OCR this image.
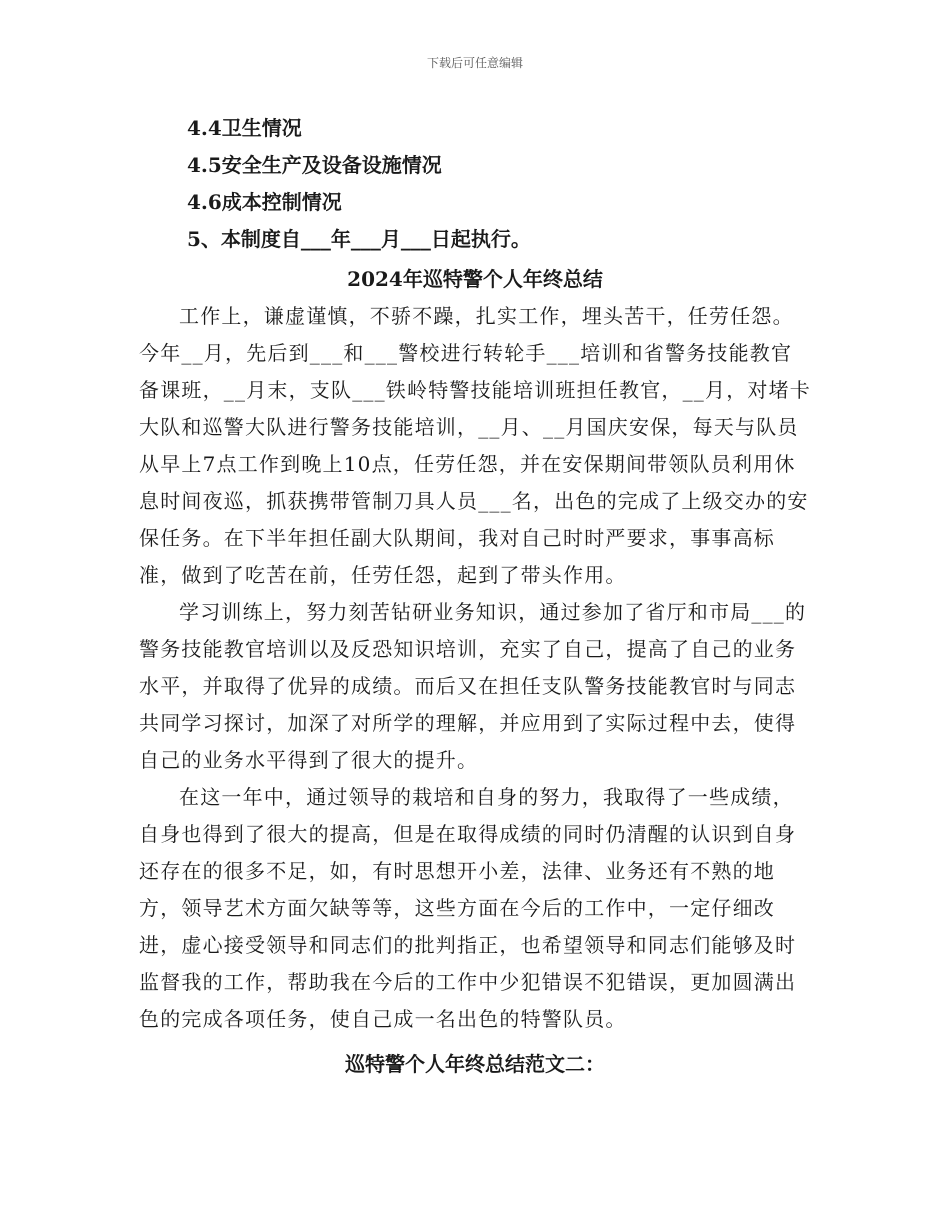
下载后可任意编辑
4.4卫生情况
4.5安全生产及设备设施情况
4.6成本控制情况
5、本制度自___年___月___日起执行。
2024年巡特警个人年终总结

工作上，谦虚谨慎，不骄不躁，扎实工作，埋头苦干，任劳任怨。今年__月，先后到___和___警校进行转轮手___培训和省警务技能教官备课班，__月末，支队___铁岭特警技能培训班担任教官，__月，对堵卡大队和巡警大队进行警务技能培训，__月、__月国庆安保，每天与队员从早上7点工作到晚上10点，任劳任怨，并在安保期间带领队员利用休息时间夜巡，抓获携带管制刀具人员___名，出色的完成了上级交办的安保任务。在下半年担任副大队期间，我对自己时时严要求，事事高标准，做到了吃苦在前，任劳任怨，起到了带头作用。

学习训练上，努力刻苦钻研业务知识，通过参加了省厅和市局___的警务技能教官培训以及反恐知识培训，充实了自己，提高了自己的业务水平，并取得了优异的成绩。而后又在担任支队警务技能教官时与同志共同学习探讨，加深了对所学的理解，并应用到了实际过程中去，使得自己的业务水平得到了很大的提升。

在这一年中，通过领导的栽培和自身的努力，我取得了一些成绩，自身也得到了很大的提高，但是在取得成绩的同时仍清醒的认识到自身还存在的很多不足，如，有时思想开小差，法律、业务还有不熟的地方，领导艺术方面欠缺等等，这些方面在今后的工作中，一定仔细改进，虚心接受领导和同志们的批判指正，也希望领导和同志们能够及时监督我的工作，帮助我在今后的工作中少犯错误不犯错误，更加圆满出色的完成各项任务，使自己成一名出色的特警队员。

巡特警个人年终总结范文二：
